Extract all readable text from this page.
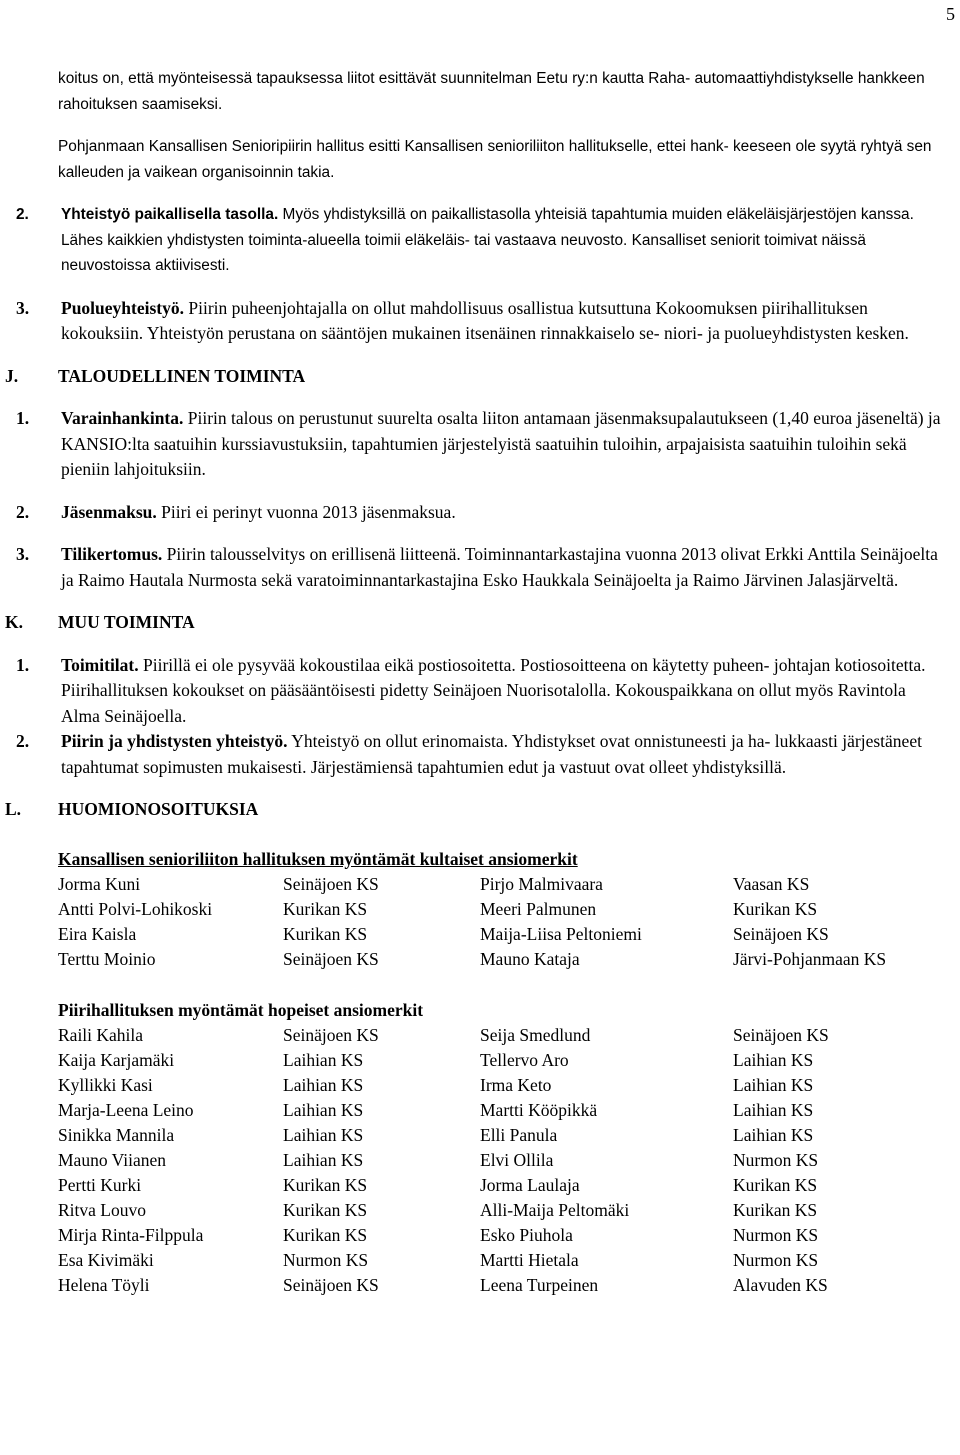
5

koitus on, että myönteisessä tapauksessa liitot esittävät suunnitelman Eetu ry:n kautta Raha- automaattiyhdistykselle hankkeen rahoituksen saamiseksi.

Pohjanmaan Kansallisen Senioripiirin hallitus esitti Kansallisen senioriliiton hallitukselle, ettei hank- keeseen ole syytä ryhtyä sen kalleuden ja vaikean organisoinnin takia.

2. Yhteistyö paikallisella tasolla. Myös yhdistyksillä on paikallistasolla yhteisiä tapahtumia muiden eläkeläisjärjestöjen kanssa. Lähes kaikkien yhdistysten toiminta-alueella toimii eläkeläis- tai vastaava neuvosto. Kansalliset seniorit toimivat näissä neuvostoissa aktiivisesti.

3. Puolueyhteistyö. Piirin puheenjohtajalla on ollut mahdollisuus osallistua kutsuttuna Kokoomuksen piirihallituksen kokouksiin. Yhteistyön perustana on sääntöjen mukainen itsenäinen rinnakkaiselo se- niori- ja puolueyhdistysten kesken.

J. TALOUDELLINEN TOIMINTA

1. Varainhankinta. Piirin talous on perustunut suurelta osalta liiton antamaan jäsenmaksupalautukseen (1,40 euroa jäseneltä) ja KANSIO:lta saatuihin kurssiavustuksiin, tapahtumien järjestelyistä saatuihin tuloihin, arpajaisista saatuihin tuloihin sekä pieniin lahjoituksiin.

2. Jäsenmaksu. Piiri ei perinyt vuonna 2013 jäsenmaksua.

3. Tilikertomus. Piirin talousselvitys on erillisenä liitteenä. Toiminnantarkastajina vuonna 2013 olivat Erkki Anttila Seinäjoelta ja Raimo Hautala Nurmosta sekä varatoiminnantarkastajina Esko Haukkala Seinäjoelta ja Raimo Järvinen Jalasjärveltä.

K. MUU TOIMINTA

1. Toimitilat. Piirillä ei ole pysyvää kokoustilaa eikä postiosoitetta. Postiosoitteena on käytetty puheen- johtajan kotiosoitetta. Piirihallituksen kokoukset on pääsääntöisesti pidetty Seinäjoen Nuorisotalolla. Kokouspaikkana on ollut myös Ravintola Alma Seinäjoella.

2. Piirin ja yhdistysten yhteistyö. Yhteistyö on ollut erinomaista. Yhdistykset ovat onnistuneesti ja ha- lukkaasti järjestäneet tapahtumat sopimusten mukaisesti. Järjestämiensä tapahtumien edut ja vastuut ovat olleet yhdistyksillä.

L. HUOMIONOSOITUKSIA
Kansallisen senioriliiton hallituksen myöntämät kultaiset ansiomerkit
Jorma Kuni	Seinäjoen KS	Pirjo Malmivaara	Vaasan KS
Antti Polvi-Lohikoski	Kurikan KS	Meeri Palmunen	Kurikan KS
Eira Kaisla	Kurikan KS	Maija-Liisa Peltoniemi	Seinäjoen KS
Terttu Moinio	Seinäjoen KS	Mauno Kataja	Järvi-Pohjanmaan KS
Piirihallituksen myöntämät hopeiset ansiomerkit
Raili Kahila	Seinäjoen KS	Seija Smedlund	Seinäjoen KS
Kaija Karjamäki	Laihian KS	Tellervo Aro	Laihian KS
Kyllikki Kasi	Laihian KS	Irma Keto	Laihian KS
Marja-Leena Leino	Laihian KS	Martti Kööpikkä	Laihian KS
Sinikka Mannila	Laihian KS	Elli Panula	Laihian KS
Mauno Viianen	Laihian KS	Elvi Ollila	Nurmon KS
Pertti Kurki	Kurikan KS	Jorma Laulaja	Kurikan KS
Ritva Louvo	Kurikan KS	Alli-Maija Peltomäki	Kurikan KS
Mirja Rinta-Filppula	Kurikan KS	Esko Piuhola	Nurmon KS
Esa Kivimäki	Nurmon KS	Martti Hietala	Nurmon KS
Helena Töyli	Seinäjoen KS	Leena Turpeinen	Alavuden KS
